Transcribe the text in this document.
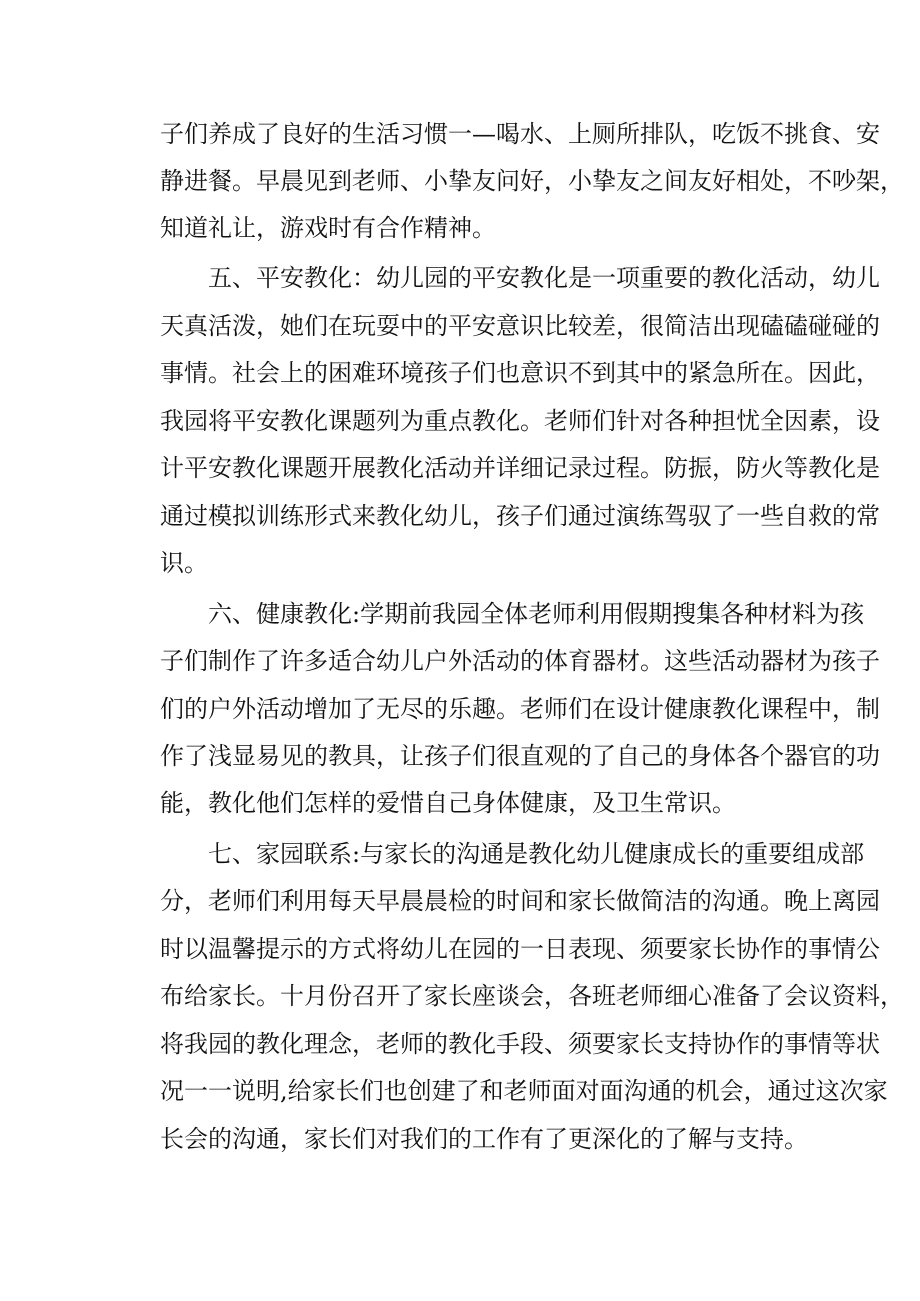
子们养成了良好的生活习惯一—喝水、上厕所排队，吃饭不挑食、安
静进餐。早晨见到老师、小挚友问好，小挚友之间友好相处，不吵架，
知道礼让，游戏时有合作精神。
五、平安教化：幼儿园的平安教化是一项重要的教化活动，幼儿
天真活泼，她们在玩耍中的平安意识比较差，很简洁出现磕磕碰碰的
事情。社会上的困难环境孩子们也意识不到其中的紧急所在。因此，
我园将平安教化课题列为重点教化。老师们针对各种担忧全因素，设
计平安教化课题开展教化活动并详细记录过程。防振，防火等教化是
通过模拟训练形式来教化幼儿，孩子们通过演练驾驭了一些自救的常
识。
六、健康教化:学期前我园全体老师利用假期搜集各种材料为孩
子们制作了许多适合幼儿户外活动的体育器材。这些活动器材为孩子
们的户外活动增加了无尽的乐趣。老师们在设计健康教化课程中，制
作了浅显易见的教具，让孩子们很直观的了自己的身体各个器官的功
能，教化他们怎样的爱惜自己身体健康，及卫生常识。
七、家园联系:与家长的沟通是教化幼儿健康成长的重要组成部
分，老师们利用每天早晨晨检的时间和家长做简洁的沟通。晚上离园
时以温馨提示的方式将幼儿在园的一日表现、须要家长协作的事情公
布给家长。十月份召开了家长座谈会，各班老师细心准备了会议资料，
将我园的教化理念，老师的教化手段、须要家长支持协作的事情等状
况一一说明,给家长们也创建了和老师面对面沟通的机会，通过这次家
长会的沟通，家长们对我们的工作有了更深化的了解与支持。
